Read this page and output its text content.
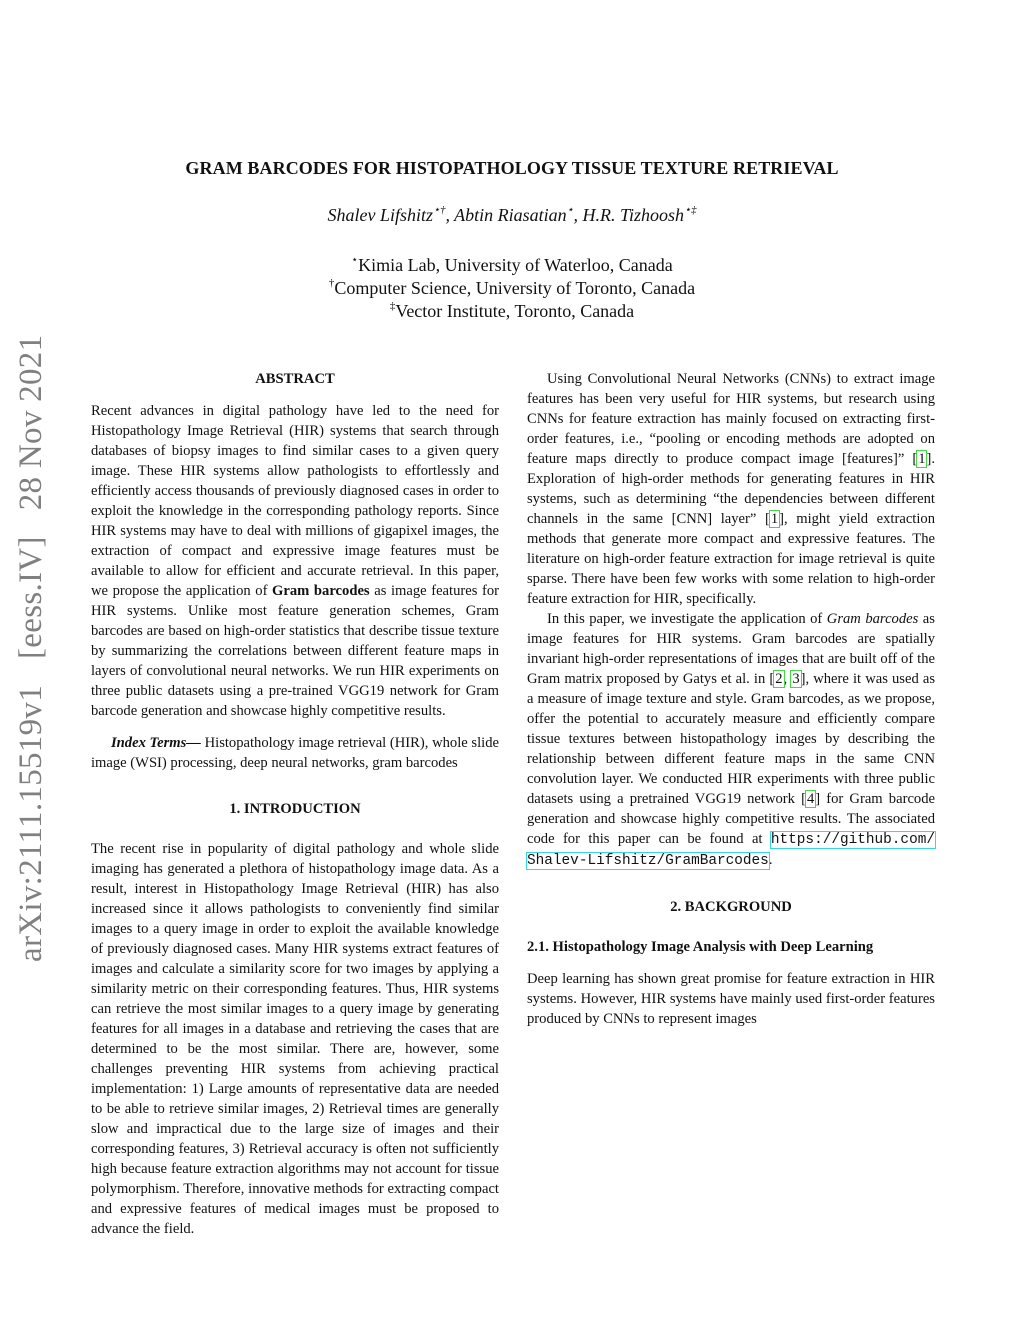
GRAM BARCODES FOR HISTOPATHOLOGY TISSUE TEXTURE RETRIEVAL
Shalev Lifshitz⋆†, Abtin Riasatian⋆, H.R. Tizhoosh⋆‡
⋆Kimia Lab, University of Waterloo, Canada
†Computer Science, University of Toronto, Canada
‡Vector Institute, Toronto, Canada
arXiv:2111.15519v1[eess.IV]28 Nov 2021	ABSTRACT

Recent advances in digital pathology have led to the need for Histopathology Image Retrieval (HIR) systems that search through databases of biopsy images to find similar cases to a given query image. These HIR systems allow pathologists to effortlessly and efficiently access thousands of previously diagnosed cases in order to exploit the knowledge in the corresponding pathology reports. Since HIR systems may have to deal with millions of gigapixel images, the extraction of compact and expressive image features must be available to allow for efficient and accurate retrieval. In this paper, we propose the application of Gram barcodes as image features for HIR systems. Unlike most feature generation schemes, Gram barcodes are based on high-order statistics that describe tissue texture by summarizing the correlations between different feature maps in layers of convolutional neural networks. We run HIR experiments on three public datasets using a pre-trained VGG19 network for Gram barcode generation and showcase highly competitive results.

Index Terms— Histopathology image retrieval (HIR), whole slide image (WSI) processing, deep neural networks, gram barcodes

1. INTRODUCTION

The recent rise in popularity of digital pathology and whole slide imaging has generated a plethora of histopathology image data. As a result, interest in Histopathology Image Retrieval (HIR) has also increased since it allows pathologists to conveniently find similar images to a query image in order to exploit the available knowledge of previously diagnosed cases. Many HIR systems extract features of images and calculate a similarity score for two images by applying a similarity metric on their corresponding features. Thus, HIR systems can retrieve the most similar images to a query image by generating features for all images in a database and retrieving the cases that are determined to be the most similar. There are, however, some challenges preventing HIR systems from achieving practical implementation: 1) Large amounts of representative data are needed to be able to retrieve similar images, 2) Retrieval times are generally slow and impractical due to the large size of images and their corresponding features, 3) Retrieval accuracy is often not sufficiently high because feature extraction algorithms may not account for tissue polymorphism. Therefore, innovative methods for extracting compact and expressive features of medical images must be proposed to advance the field.

Using Convolutional Neural Networks (CNNs) to extract image features has been very useful for HIR systems, but research using CNNs for feature extraction has mainly focused on extracting first-order features, i.e., “pooling or encoding methods are adopted on feature maps directly to produce compact image [features]” [1]. Exploration of high-order methods for generating features in HIR systems, such as determining “the dependencies between different channels in the same [CNN] layer” [1], might yield extraction methods that generate more compact and expressive features. The literature on high-order feature extraction for image retrieval is quite sparse. There have been few works with some relation to high-order feature extraction for HIR, specifically.

In this paper, we investigate the application of Gram barcodes as image features for HIR systems. Gram barcodes are spatially invariant high-order representations of images that are built off of the Gram matrix proposed by Gatys et al. in [2, 3], where it was used as a measure of image texture and style. Gram barcodes, as we propose, offer the potential to accurately measure and efficiently compare tissue textures between histopathology images by describing the relationship between different feature maps in the same CNN convolution layer. We conducted HIR experiments with three public datasets using a pretrained VGG19 network [4] for Gram barcode generation and showcase highly competitive results. The associated code for this paper can be found at https://github.com/ Shalev-Lifshitz/GramBarcodes.

2. BACKGROUND

2.1. Histopathology Image Analysis with Deep Learning

Deep learning has shown great promise for feature extraction in HIR systems. However, HIR systems have mainly used first-order features produced by CNNs to represent images
